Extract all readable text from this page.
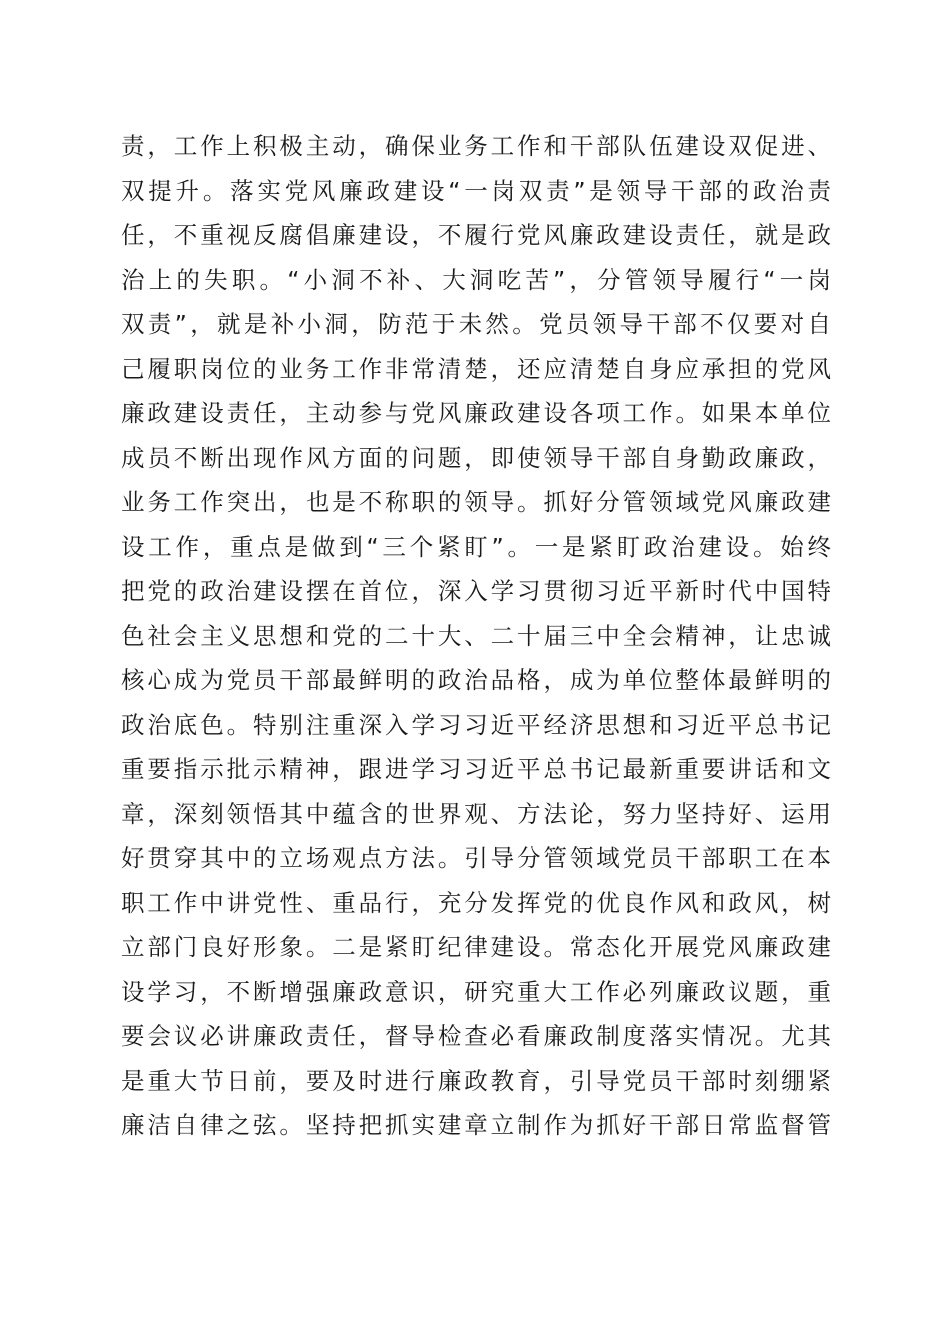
责，工作上积极主动，确保业务工作和干部队伍建设双促进、
双提升。落实党风廉政建设“一岗双责”是领导干部的政治责
任，不重视反腐倡廉建设，不履行党风廉政建设责任，就是政
治上的失职。“小洞不补、大洞吃苦”，分管领导履行“一岗
双责”，就是补小洞，防范于未然。党员领导干部不仅要对自
己履职岗位的业务工作非常清楚，还应清楚自身应承担的党风
廉政建设责任，主动参与党风廉政建设各项工作。如果本单位
成员不断出现作风方面的问题，即使领导干部自身勤政廉政，
业务工作突出，也是不称职的领导。抓好分管领域党风廉政建
设工作，重点是做到“三个紧盯”。一是紧盯政治建设。始终
把党的政治建设摆在首位，深入学习贯彻习近平新时代中国特
色社会主义思想和党的二十大、二十届三中全会精神，让忠诚
核心成为党员干部最鲜明的政治品格，成为单位整体最鲜明的
政治底色。特别注重深入学习习近平经济思想和习近平总书记
重要指示批示精神，跟进学习习近平总书记最新重要讲话和文
章，深刻领悟其中蕴含的世界观、方法论，努力坚持好、运用
好贯穿其中的立场观点方法。引导分管领域党员干部职工在本
职工作中讲党性、重品行，充分发挥党的优良作风和政风，树
立部门良好形象。二是紧盯纪律建设。常态化开展党风廉政建
设学习，不断增强廉政意识，研究重大工作必列廉政议题，重
要会议必讲廉政责任，督导检查必看廉政制度落实情况。尤其
是重大节日前，要及时进行廉政教育，引导党员干部时刻绷紧
廉洁自律之弦。坚持把抓实建章立制作为抓好干部日常监督管
